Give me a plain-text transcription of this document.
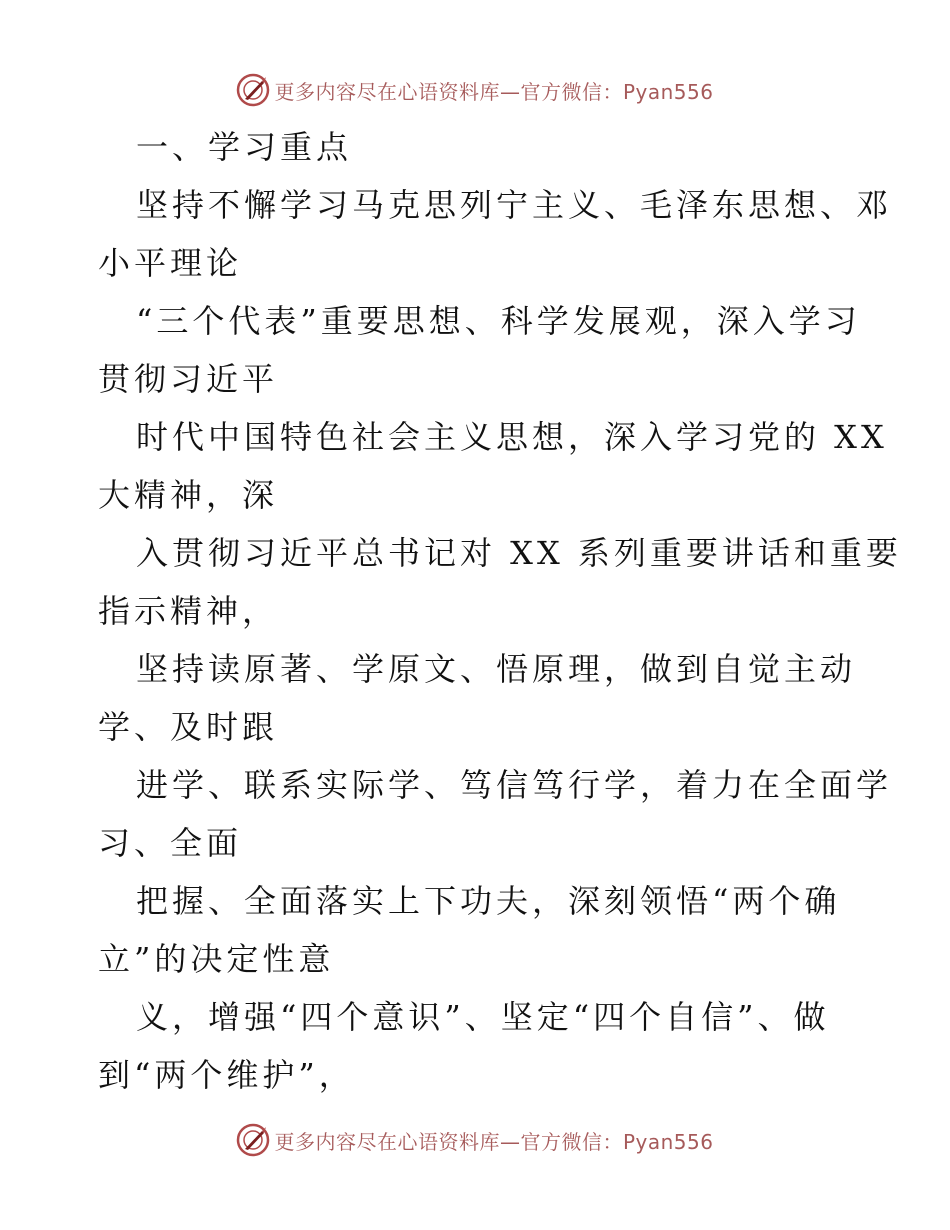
更多内容尽在心语资料库—官方微信：Pyan556
一、学习重点
坚持不懈学习马克思列宁主义、毛泽东思想、邓
小平理论
“三个代表”重要思想、科学发展观，深入学习
贯彻习近平
时代中国特色社会主义思想，深入学习党的 XX
大精神，深
入贯彻习近平总书记对 XX 系列重要讲话和重要
指示精神，
坚持读原著、学原文、悟原理，做到自觉主动
学、及时跟
进学、联系实际学、笃信笃行学，着力在全面学
习、全面
把握、全面落实上下功夫，深刻领悟“两个确
立”的决定性意
义，增强“四个意识”、坚定“四个自信”、做
到“两个维护”，
更多内容尽在心语资料库—官方微信：Pyan556
